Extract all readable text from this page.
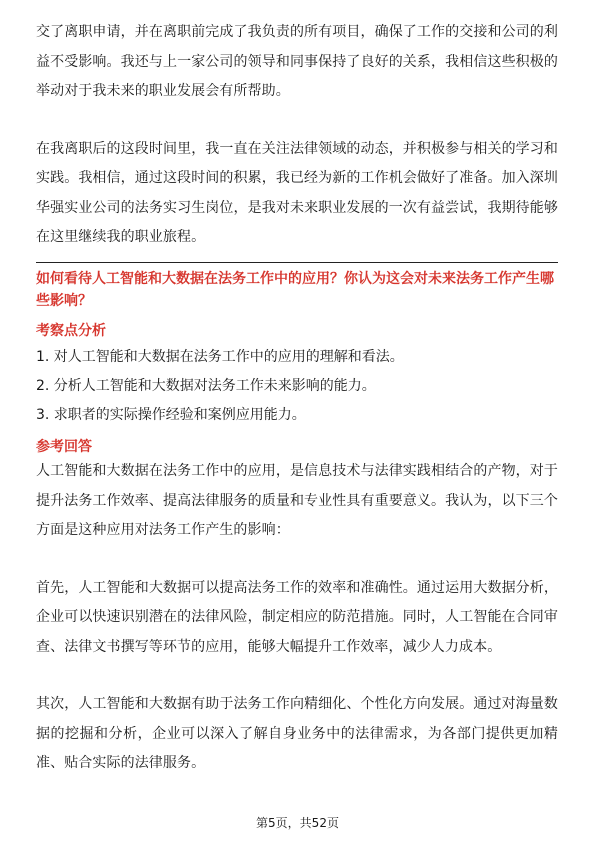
交了离职申请，并在离职前完成了我负责的所有项目，确保了工作的交接和公司的利益不受影响。我还与上一家公司的领导和同事保持了良好的关系，我相信这些积极的举动对于我未来的职业发展会有所帮助。

在我离职后的这段时间里，我一直在关注法律领域的动态，并积极参与相关的学习和实践。我相信，通过这段时间的积累，我已经为新的工作机会做好了准备。加入深圳华强实业公司的法务实习生岗位，是我对未来职业发展的一次有益尝试，我期待能够在这里继续我的职业旅程。

如何看待人工智能和大数据在法务工作中的应用？你认为这会对未来法务工作产生哪些影响？

考察点分析

1. 对人工智能和大数据在法务工作中的应用的理解和看法。

2. 分析人工智能和大数据对法务工作未来影响的能力。

3. 求职者的实际操作经验和案例应用能力。

参考回答

人工智能和大数据在法务工作中的应用，是信息技术与法律实践相结合的产物，对于提升法务工作效率、提高法律服务的质量和专业性具有重要意义。我认为，以下三个方面是这种应用对法务工作产生的影响：

首先，人工智能和大数据可以提高法务工作的效率和准确性。通过运用大数据分析，企业可以快速识别潜在的法律风险，制定相应的防范措施。同时，人工智能在合同审查、法律文书撰写等环节的应用，能够大幅提升工作效率，减少人力成本。

其次，人工智能和大数据有助于法务工作向精细化、个性化方向发展。通过对海量数据的挖掘和分析，企业可以深入了解自身业务中的法律需求，为各部门提供更加精准、贴合实际的法律服务。

第5页，共52页
